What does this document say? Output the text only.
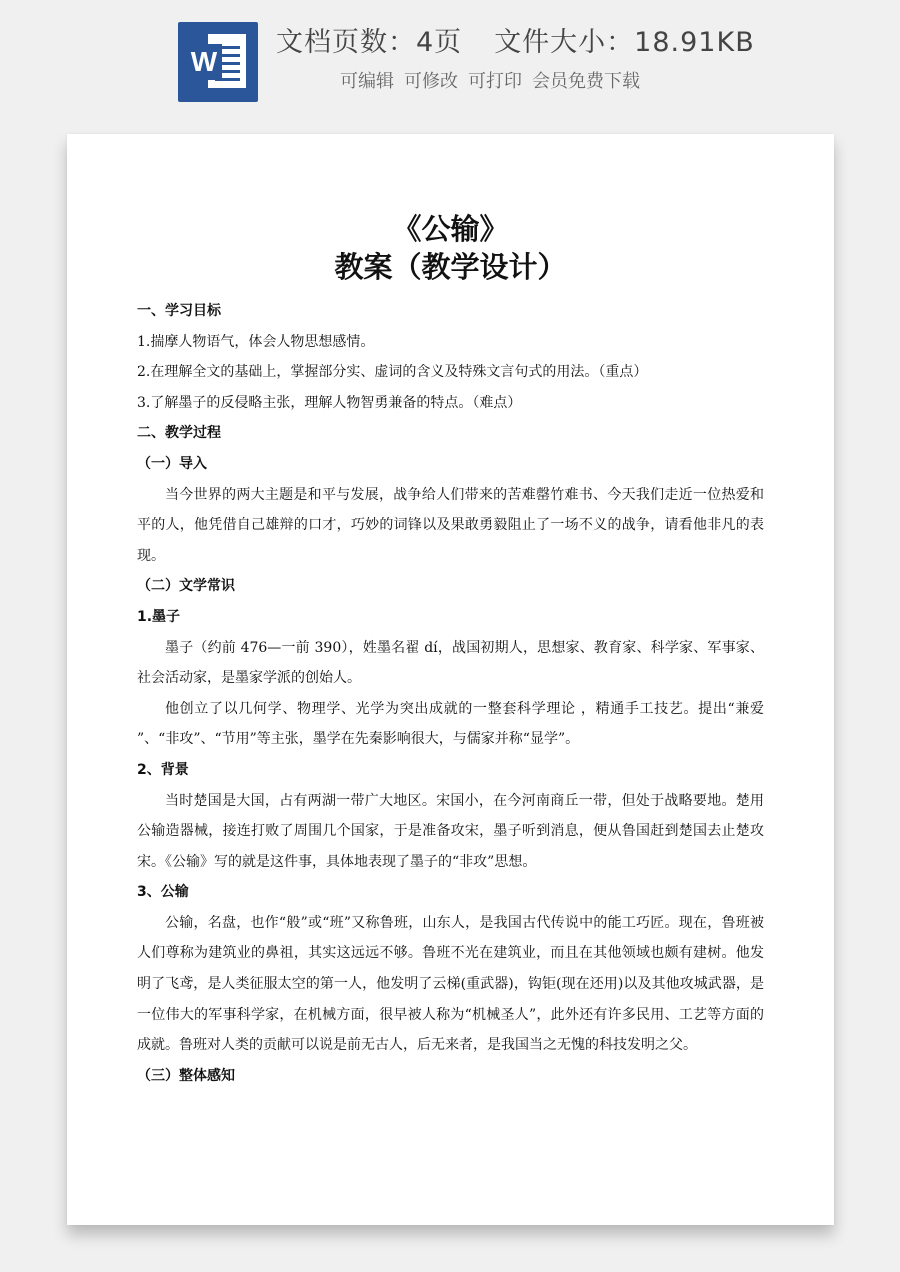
W
文档页数：4页 文件大小：18.91KB
可编辑 可修改 可打印 会员免费下载
《公输》
教案（教学设计）
一、学习目标

1.揣摩人物语气，体会人物思想感情。

2.在理解全文的基础上，掌握部分实、虚词的含义及特殊文言句式的用法。（重点）

3.了解墨子的反侵略主张，理解人物智勇兼备的特点。（难点）

二、教学过程
（一）导入

当今世界的两大主题是和平与发展，战争给人们带来的苦难罄竹难书、今天我们走近一位热爱和平的人，他凭借自己雄辩的口才，巧妙的词锋以及果敢勇毅阻止了一场不义的战争，请看他非凡的表现。

（二）文学常识
1.墨子

墨子（约前 476—一前 390），姓墨名翟 dí，战国初期人，思想家、教育家、科学家、军事家、社会活动家，是墨家学派的创始人。

他创立了以几何学、物理学、光学为突出成就的一整套科学理论 ，精通手工技艺。提出“兼爱 ”、“非攻”、“节用”等主张，墨学在先秦影响很大，与儒家并称“显学”。

2、背景

当时楚国是大国，占有两湖一带广大地区。宋国小，在今河南商丘一带，但处于战略要地。楚用公输造器械，接连打败了周围几个国家，于是准备攻宋，墨子听到消息，便从鲁国赶到楚国去止楚攻宋。《公输》写的就是这件事，具体地表现了墨子的“非攻”思想。

3、公输

公输，名盘，也作“般”或“班”又称鲁班，山东人，是我国古代传说中的能工巧匠。现在，鲁班被人们尊称为建筑业的鼻祖，其实这远远不够。鲁班不光在建筑业，而且在其他领域也颇有建树。他发明了飞鸢，是人类征服太空的第一人，他发明了云梯(重武器)，钩钜(现在还用)以及其他攻城武器，是一位伟大的军事科学家，在机械方面，很早被人称为“机械圣人”，此外还有许多民用、工艺等方面的成就。鲁班对人类的贡献可以说是前无古人，后无来者，是我国当之无愧的科技发明之父。

（三）整体感知
